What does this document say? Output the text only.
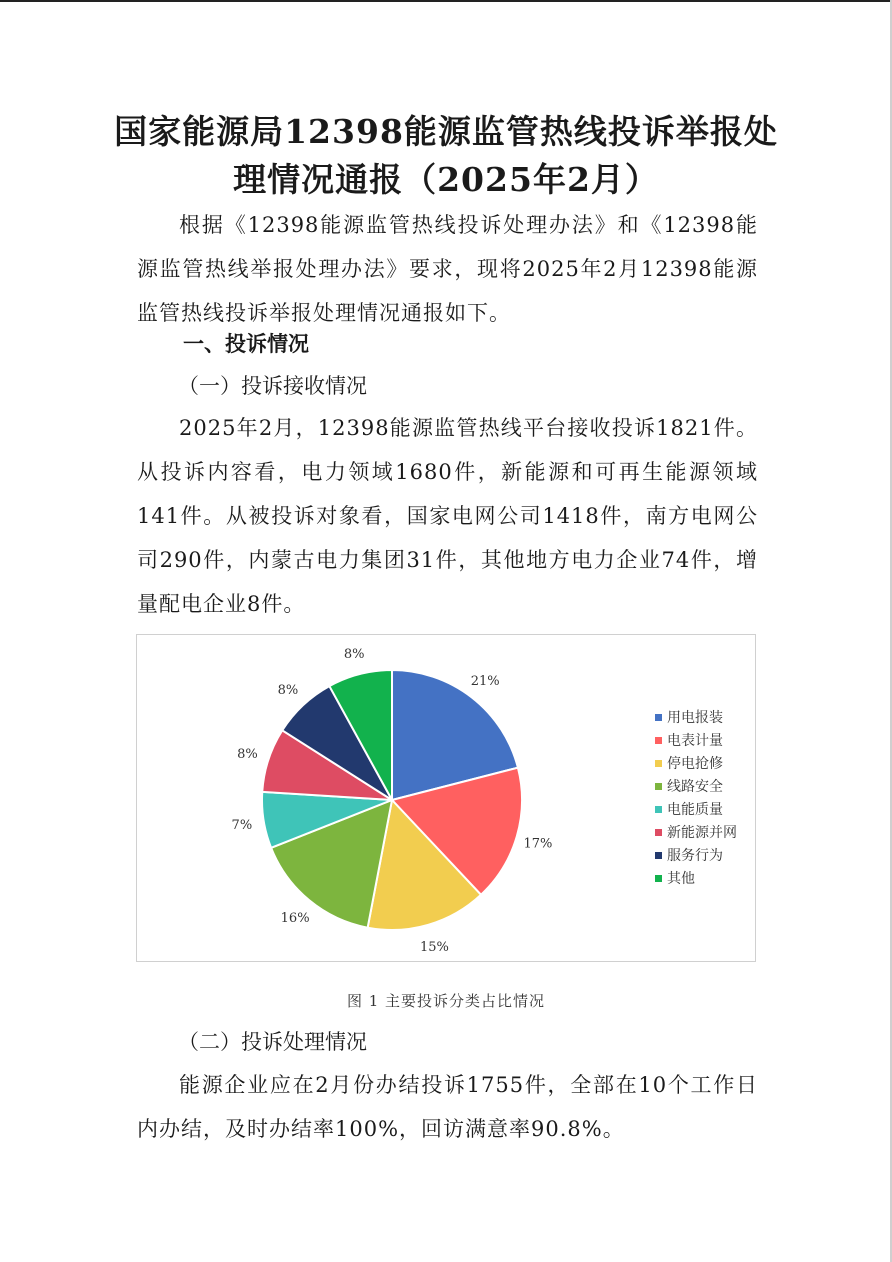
国家能源局12398能源监管热线投诉举报处理情况通报（2025年2月）

根据《12398能源监管热线投诉处理办法》和《12398能源监管热线举报处理办法》要求，现将2025年2月12398能源监管热线投诉举报处理情况通报如下。

一、投诉情况

（一）投诉接收情况

2025年2月，12398能源监管热线平台接收投诉1821件。从投诉内容看，电力领域1680件，新能源和可再生能源领域141件。从被投诉对象看，国家电网公司1418件，南方电网公司290件，内蒙古电力集团31件，其他地方电力企业74件，增量配电企业8件。

21%
17%
15%
16%
7%
8%
8%
8%
用电报装
电表计量
停电抢修
线路安全
电能质量
新能源并网
服务行为
其他

图 1 主要投诉分类占比情况

（二）投诉处理情况

能源企业应在2月份办结投诉1755件，全部在10个工作日内办结，及时办结率100%，回访满意率90.8%。
